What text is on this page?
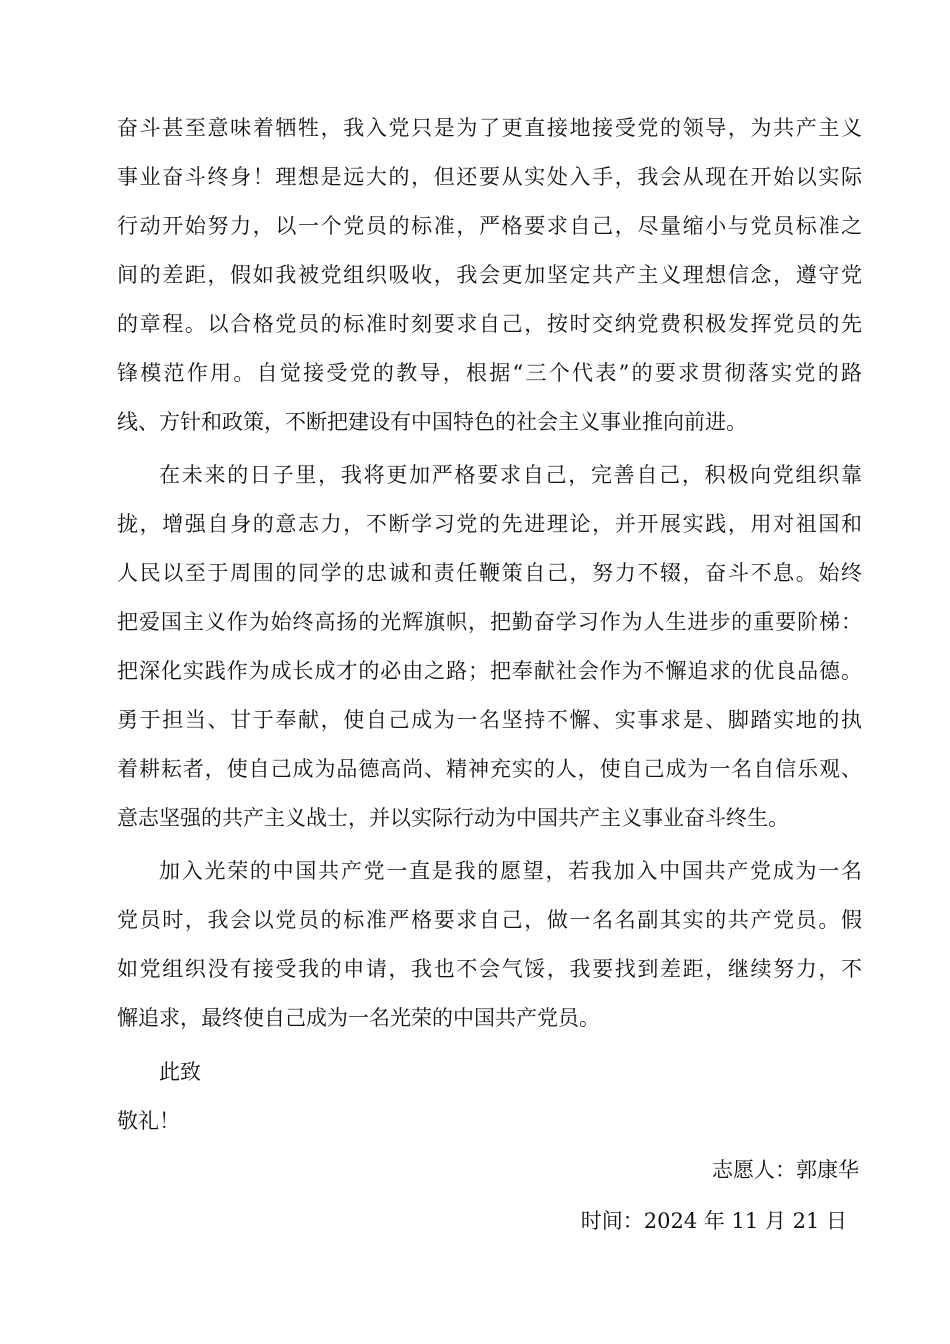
奋斗甚至意味着牺牲，我入党只是为了更直接地接受党的领导，为共产主义
事业奋斗终身！理想是远大的，但还要从实处入手，我会从现在开始以实际
行动开始努力，以一个党员的标准，严格要求自己，尽量缩小与党员标准之
间的差距，假如我被党组织吸收，我会更加坚定共产主义理想信念，遵守党
的章程。以合格党员的标准时刻要求自己，按时交纳党费积极发挥党员的先
锋模范作用。自觉接受党的教导，根据“三个代表”的要求贯彻落实党的路
线、方针和政策，不断把建设有中国特色的社会主义事业推向前进。
在未来的日子里，我将更加严格要求自己，完善自己，积极向党组织靠
拢，增强自身的意志力，不断学习党的先进理论，并开展实践，用对祖国和
人民以至于周围的同学的忠诚和责任鞭策自己，努力不辍，奋斗不息。始终
把爱国主义作为始终高扬的光辉旗帜，把勤奋学习作为人生进步的重要阶梯：
把深化实践作为成长成才的必由之路；把奉献社会作为不懈追求的优良品德。
勇于担当、甘于奉献，使自己成为一名坚持不懈、实事求是、脚踏实地的执
着耕耘者，使自己成为品德高尚、精神充实的人，使自己成为一名自信乐观、
意志坚强的共产主义战士，并以实际行动为中国共产主义事业奋斗终生。
加入光荣的中国共产党一直是我的愿望，若我加入中国共产党成为一名
党员时，我会以党员的标准严格要求自己，做一名名副其实的共产党员。假
如党组织没有接受我的申请，我也不会气馁，我要找到差距，继续努力，不
懈追求，最终使自己成为一名光荣的中国共产党员。
此致
敬礼！
志愿人：郭康华
时间：2024 年 11 月 21 日
